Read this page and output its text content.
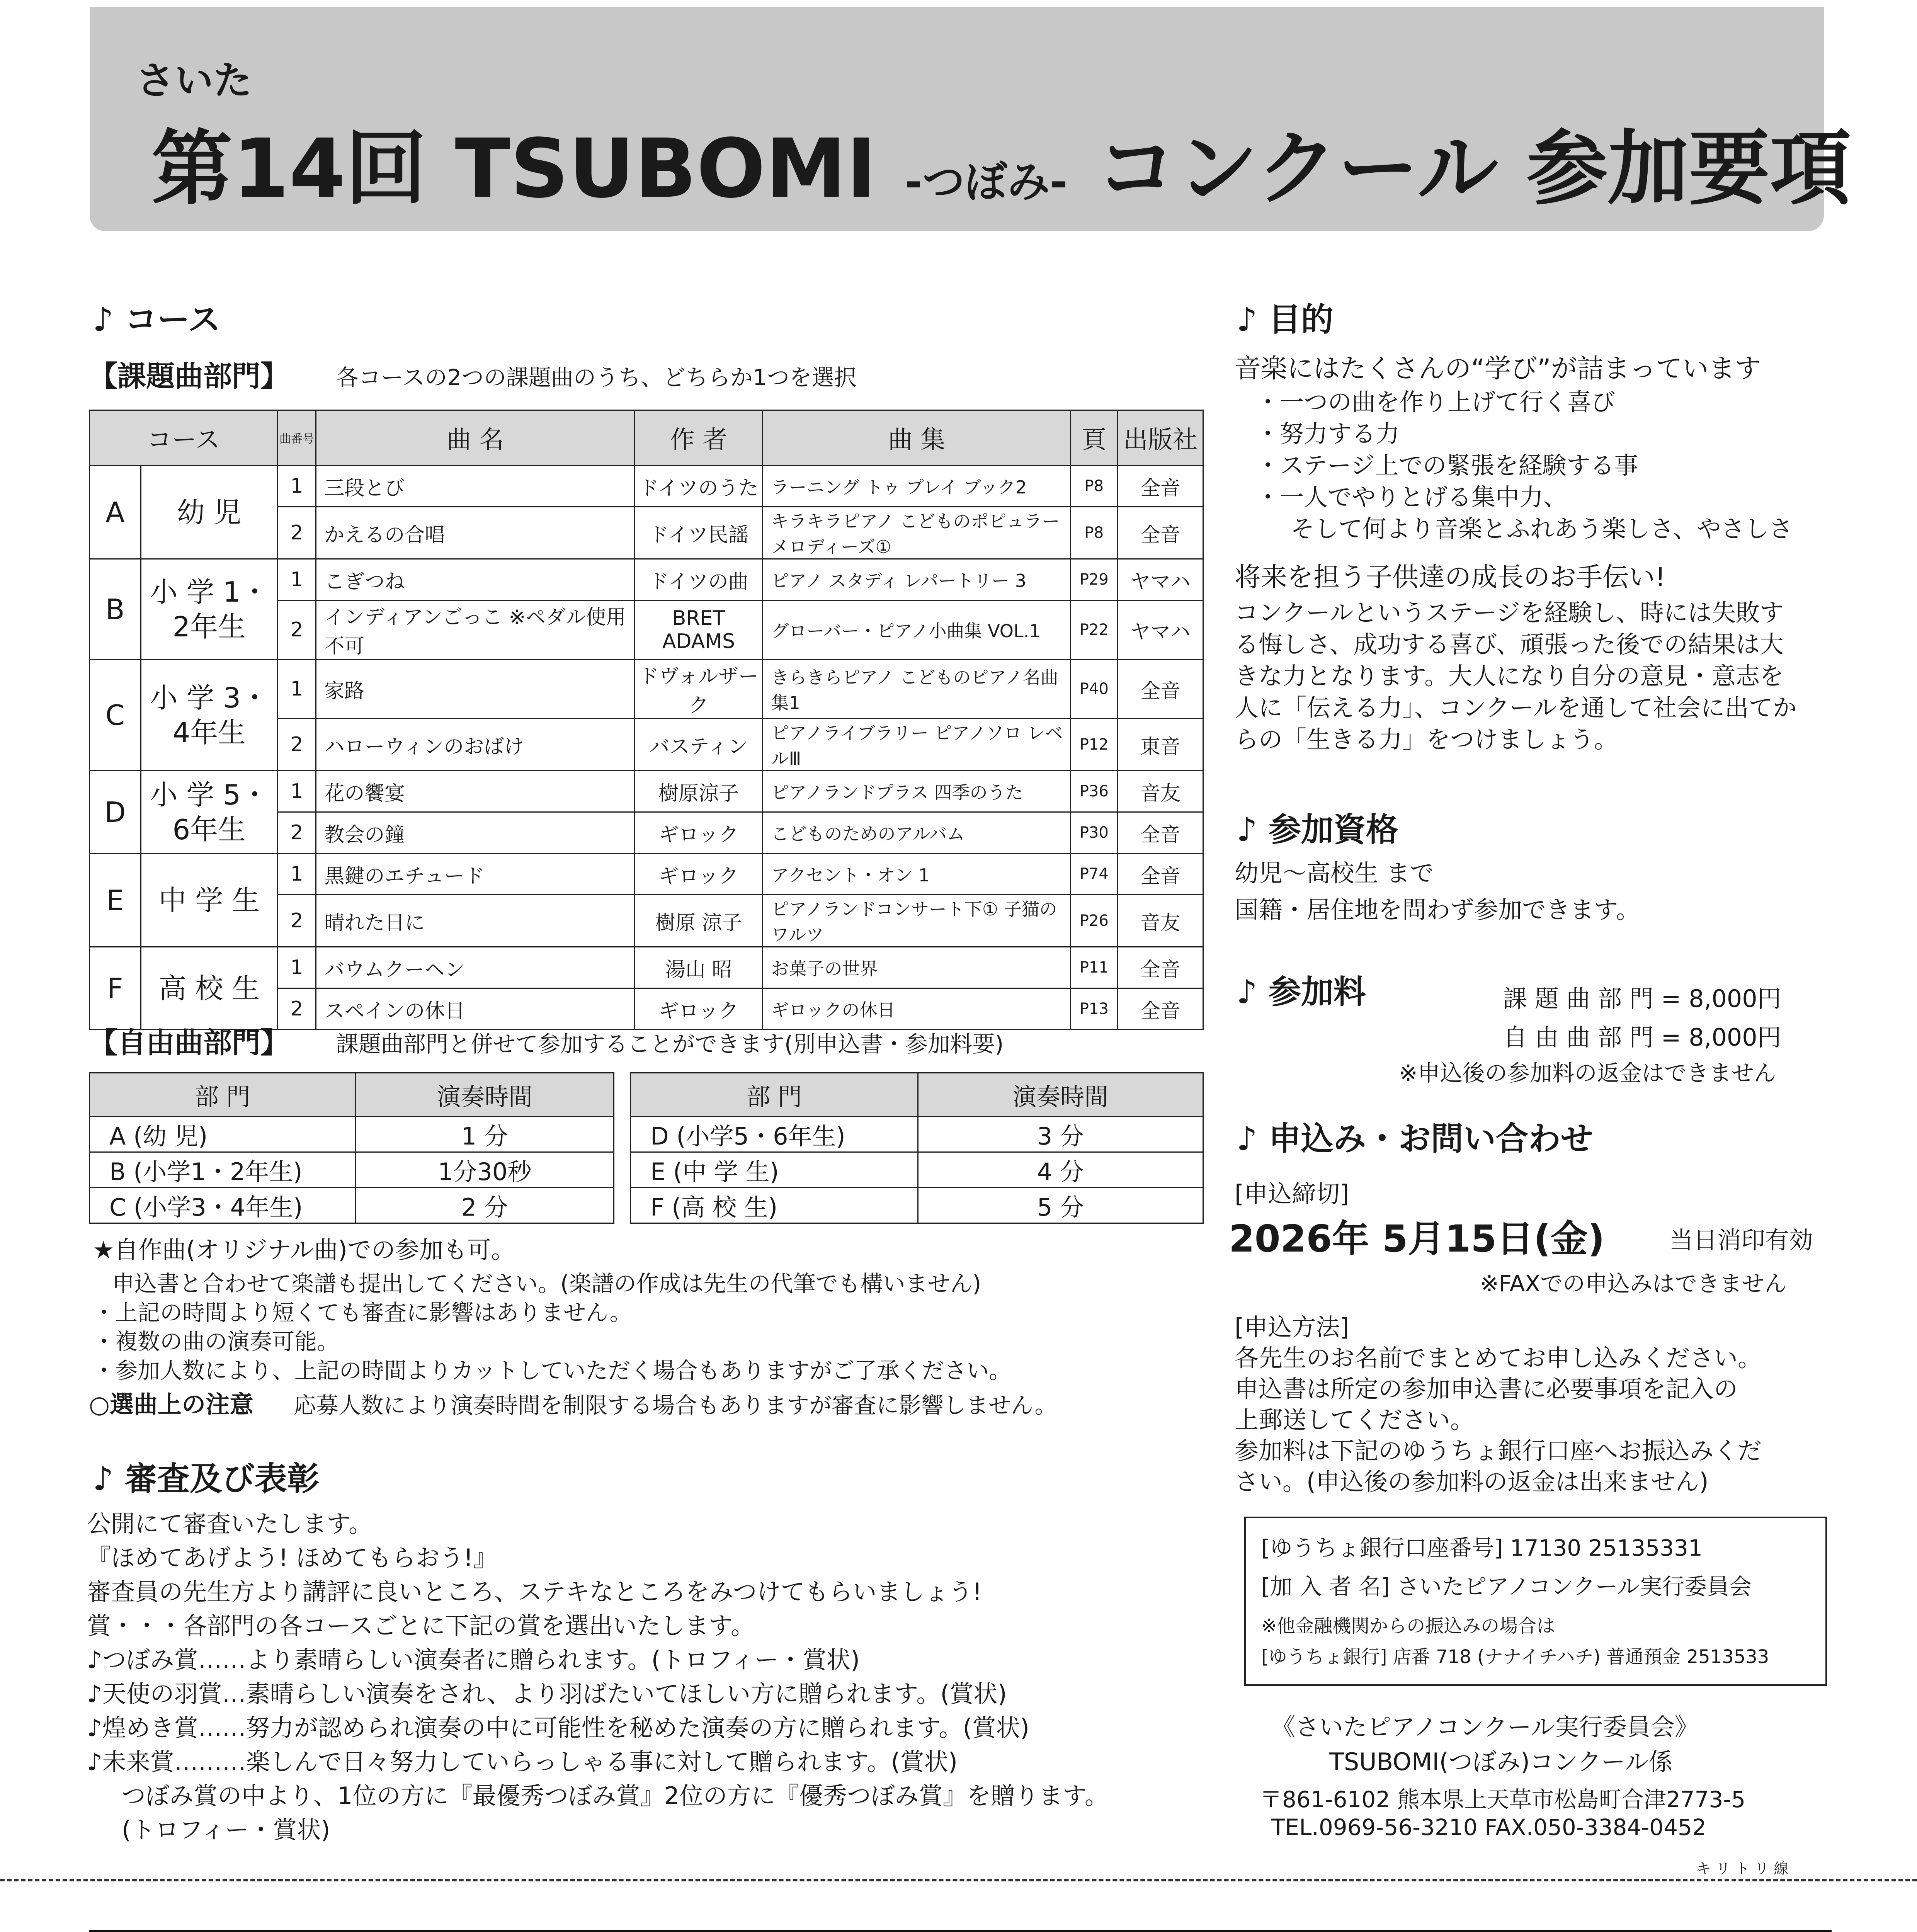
さいた
第14回 TSUBOMI -つぼみ- コンクール 参加要項
♪ コース
【課題曲部門】 各コースの2つの課題曲のうち、どちらか1つを選択
コース		曲番号	曲 名	作 者	曲 集	頁	出版社
A	幼 児	1	三段とび	ドイツのうた	ラーニング トゥ プレイ ブック2	P8	全音
		2	かえるの合唱	ドイツ民謡	キラキラピアノ こどものポピュラーメロディーズ①	P8	全音
B	小 学 1・2年生	1	こぎつね	ドイツの曲	ピアノ スタディ レパートリー 3	P29	ヤマハ
		2	インディアンごっこ ※ペダル使用不可	BRET ADAMS	グローバー・ピアノ小曲集 VOL.1	P22	ヤマハ
C	小 学 3・4年生	1	家路	ドヴォルザーク	きらきらピアノ こどものピアノ名曲集1	P40	全音
		2	ハローウィンのおばけ	バスティン	ピアノライブラリー ピアノソロ レベルⅢ	P12	東音
D	小 学 5・6年生	1	花の饗宴	樹原涼子	ピアノランドプラス 四季のうた	P36	音友
		2	教会の鐘	ギロック	こどものためのアルバム	P30	全音
E	中 学 生	1	黒鍵のエチュード	ギロック	アクセント・オン 1	P74	全音
		2	晴れた日に	樹原 涼子	ピアノランドコンサート下① 子猫のワルツ	P26	音友
F	高 校 生	1	バウムクーヘン	湯山 昭	お菓子の世界	P11	全音
		2	スペインの休日	ギロック	ギロックの休日	P13	全音
【自由曲部門】 課題曲部門と併せて参加することができます(別申込書・参加料要)
部 門	演奏時間
A (幼 児)	1 分
B (小学1・2年生)	1分30秒
C (小学3・4年生)	2 分
部 門	演奏時間
D (小学5・6年生)	3 分
E (中 学 生)	4 分
F (高 校 生)	5 分
★自作曲(オリジナル曲)での参加も可。
申込書と合わせて楽譜も提出してください。(楽譜の作成は先生の代筆でも構いません)
・上記の時間より短くても審査に影響はありません。
・複数の曲の演奏可能。
・参加人数により、上記の時間よりカットしていただく場合もありますがご了承ください。
○選曲上の注意 応募人数により演奏時間を制限する場合もありますが審査に影響しません。
♪ 審査及び表彰
公開にて審査いたします。
『ほめてあげよう! ほめてもらおう!』
審査員の先生方より講評に良いところ、ステキなところをみつけてもらいましょう!
賞・・・各部門の各コースごとに下記の賞を選出いたします。
♪つぼみ賞……より素晴らしい演奏者に贈られます。(トロフィー・賞状)
♪天使の羽賞…素晴らしい演奏をされ、より羽ばたいてほしい方に贈られます。(賞状)
♪煌めき賞……努力が認められ演奏の中に可能性を秘めた演奏の方に贈られます。(賞状)
♪未来賞………楽しんで日々努力していらっしゃる事に対して贈られます。(賞状)
つぼみ賞の中より、1位の方に『最優秀つぼみ賞』2位の方に『優秀つぼみ賞』を贈ります。
(トロフィー・賞状)
♪ 目的
音楽にはたくさんの“学び”が詰まっています
・一つの曲を作り上げて行く喜び
・努力する力
・ステージ上での緊張を経験する事
・一人でやりとげる集中力、
そして何より音楽とふれあう楽しさ、やさしさ
将来を担う子供達の成長のお手伝い!
コンクールというステージを経験し、時には失敗す
る悔しさ、成功する喜び、頑張った後での結果は大
きな力となります。大人になり自分の意見・意志を
人に「伝える力」、コンクールを通して社会に出てか
らの「生きる力」をつけましょう。
♪ 参加資格
幼児〜高校生 まで
国籍・居住地を問わず参加できます。
♪ 参加料	課 題 曲 部 門 = 8,000円
自 由 曲 部 門 = 8,000円
※申込後の参加料の返金はできません
♪ 申込み・お問い合わせ
[申込締切]
2026年 5月15日(金)	当日消印有効
※FAXでの申込みはできません
[申込方法]
各先生のお名前でまとめてお申し込みください。
申込書は所定の参加申込書に必要事項を記入の
上郵送してください。
参加料は下記のゆうちょ銀行口座へお振込みくだ
さい。(申込後の参加料の返金は出来ません)
[ゆうちょ銀行口座番号] 17130 25135331
[加 入 者 名] さいたピアノコンクール実行委員会
※他金融機関からの振込みの場合は
[ゆうちょ銀行] 店番 718 (ナナイチハチ) 普通預金 2513533
《さいたピアノコンクール実行委員会》
TSUBOMI(つぼみ)コンクール係
〒861-6102 熊本県上天草市松島町合津2773-5
TEL.0969-56-3210 FAX.050-3384-0452
キ リ ト リ 線
